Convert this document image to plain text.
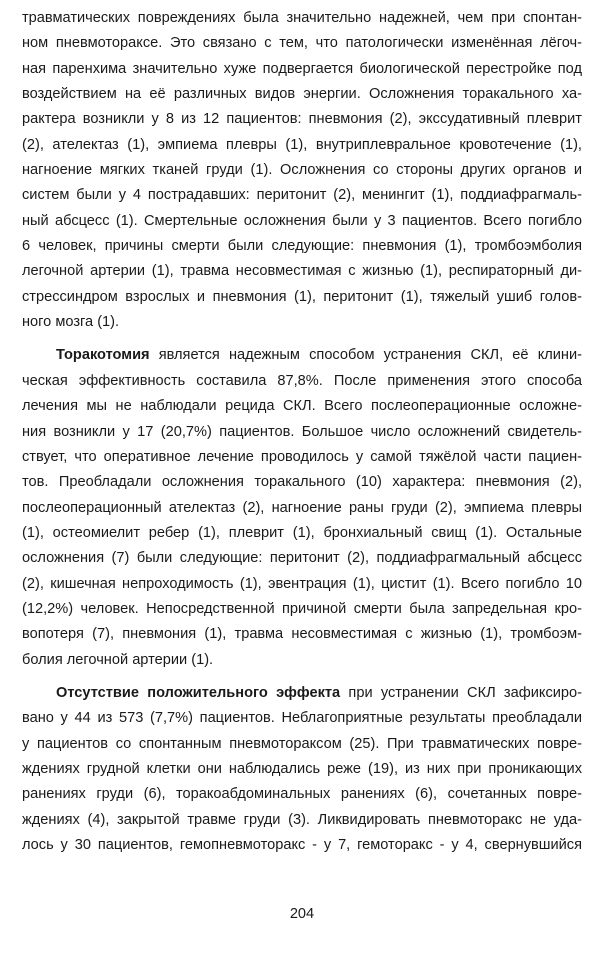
травматических повреждениях была значительно надежней, чем при спонтан-
ном пневмотораксе. Это связано с тем, что патологически изменённая лёгоч-
ная паренхима значительно хуже подвергается биологической перестройке под
воздействием на её различных видов энергии. Осложнения торакального ха-
рактера возникли у 8 из 12 пациентов: пневмония (2), экссудативный плеврит
(2), ателектаз (1), эмпиема плевры (1), внутриплевральное кровотечение (1),
нагноение мягких тканей груди (1). Осложнения со стороны других органов и
систем были у 4 пострадавших: перитонит (2), менингит (1), поддиафрагмаль-
ный абсцесс (1). Смертельные осложнения были у 3 пациентов. Всего погибло
6 человек, причины смерти были следующие: пневмония (1), тромбоэмболия
легочной артерии (1), травма несовместимая с жизнью (1), респираторный ди-
стрессиндром взрослых и пневмония (1), перитонит (1), тяжелый ушиб голов-
ного мозга (1).
Торакотомия является надежным способом устранения СКЛ, её клини-
ческая эффективность составила 87,8%. После применения этого способа
лечения мы не наблюдали рецида СКЛ. Всего послеоперационные осложне-
ния возникли у 17 (20,7%) пациентов. Большое число осложнений свидетель-
ствует, что оперативное лечение проводилось у самой тяжёлой части пациен-
тов. Преобладали осложнения торакального (10) характера: пневмония (2),
послеоперационный ателектаз (2), нагноение раны груди (2), эмпиема плевры
(1), остеомиелит ребер (1), плеврит (1), бронхиальный свищ (1). Остальные
осложнения (7) были следующие: перитонит (2), поддиафрагмальный абсцесс
(2), кишечная непроходимость (1), эвентрация (1), цистит (1). Всего погибло 10
(12,2%) человек. Непосредственной причиной смерти была запредельная кро-
вопотеря (7), пневмония (1), травма несовместимая с жизнью (1), тромбоэм-
болия легочной артерии (1).
Отсутствие положительного эффекта при устранении СКЛ зафиксиро-
вано у 44 из 573 (7,7%) пациентов. Неблагоприятные результаты преобладали
у пациентов со спонтанным пневмотораксом (25). При травматических повре-
ждениях грудной клетки они наблюдались реже (19), из них при проникающих
ранениях груди (6), торакоабдоминальных ранениях (6), сочетанных повре-
ждениях (4), закрытой травме груди (3). Ликвидировать пневмоторакс не уда-
лось у 30 пациентов, гемопневмоторакс - у 7, гемоторакс - у 4, свернувшийся
204
